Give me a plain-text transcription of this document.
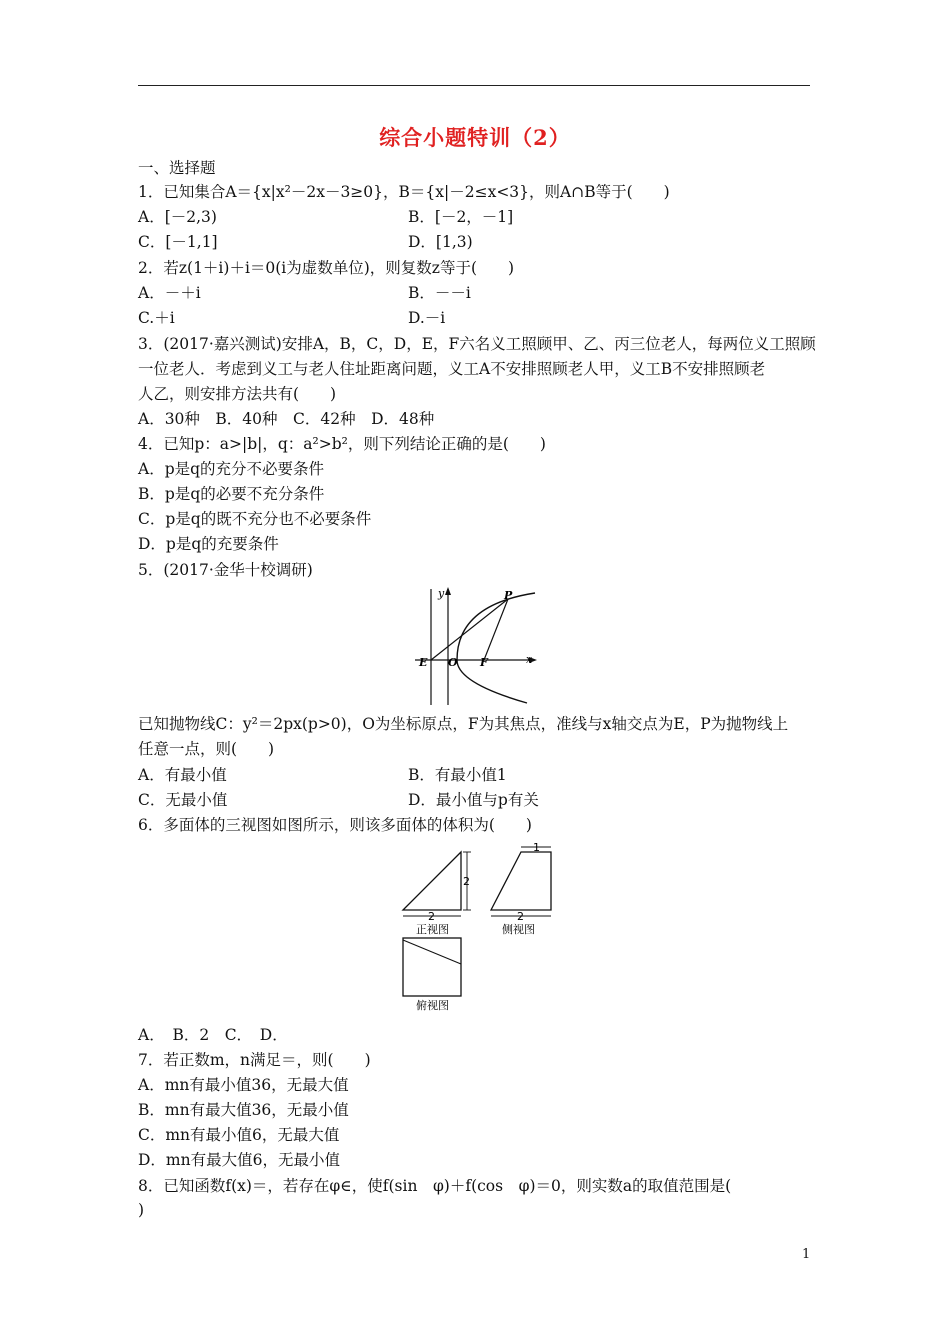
综合小题特训（2）
一、选择题
1．已知集合A＝{x|x²－2x－3≥0}，B＝{x|－2≤x<3}，则A∩B等于(　　)
A．[－2,3)	B．[－2，－1]
C．[－1,1]	D．[1,3)
2．若z(1＋i)＋i＝0(i为虚数单位)，则复数z等于(　　)
A．－＋i	B．－－i
C.＋i	D.－i
3．(2017·嘉兴测试)安排A，B，C，D，E，F六名义工照顾甲、乙、丙三位老人，每两位义工照顾
一位老人．考虑到义工与老人住址距离问题，义工A不安排照顾老人甲，义工B不安排照顾老
人乙，则安排方法共有(　　)
A．30种　B．40种　C．42种　D．48种
4．已知p：a>|b|，q：a²>b²，则下列结论正确的是(　　)
A．p是q的充分不必要条件
B．p是q的必要不充分条件
C．p是q的既不充分也不必要条件
D．p是q的充要条件
5．(2017·金华十校调研)
y
x
P
E O F
已知抛物线C：y²＝2px(p>0)，O为坐标原点，F为其焦点，准线与x轴交点为E，P为抛物线上
任意一点，则(　　)
A．有最小值	B．有最小值1
C．无最小值	D．最小值与p有关
6．多面体的三视图如图所示，则该多面体的体积为(　　)
2
2
正视图
1
2
侧视图
俯视图
A．　B．2　C．　D．
7．若正数m，n满足＝，则(　　)
A．mn有最小值36，无最大值
B．mn有最大值36，无最小值
C．mn有最小值6，无最大值
D．mn有最大值6，无最小值
8．已知函数f(x)＝，若存在φ∈，使f(sin　φ)＋f(cos　φ)＝0，则实数a的取值范围是(
)
1
